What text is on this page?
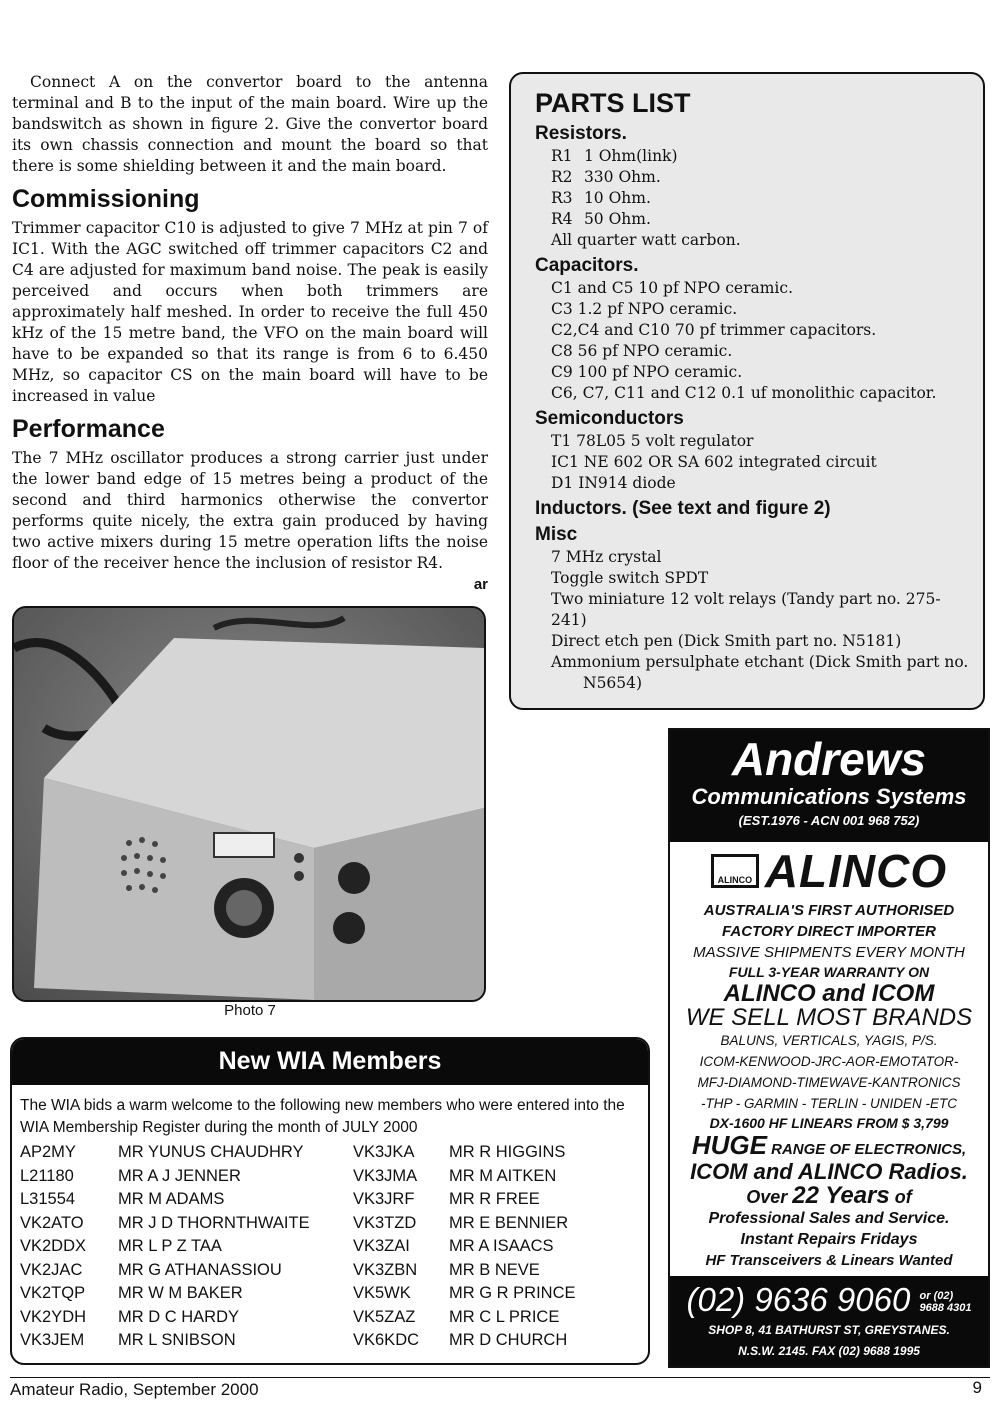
Connect A on the convertor board to the antenna terminal and B to the input of the main board. Wire up the bandswitch as shown in figure 2. Give the convertor board its own chassis connection and mount the board so that there is some shielding between it and the main board.

Commissioning

Trimmer capacitor C10 is adjusted to give 7 MHz at pin 7 of IC1. With the AGC switched off trimmer capacitors C2 and C4 are adjusted for maximum band noise. The peak is easily perceived and occurs when both trimmers are approximately half meshed. In order to receive the full 450 kHz of the 15 metre band, the VFO on the main board will have to be expanded so that its range is from 6 to 6.450 MHz, so capacitor CS on the main board will have to be increased in value

Performance

The 7 MHz oscillator produces a strong carrier just under the lower band edge of 15 metres being a product of the second and third harmonics otherwise the convertor performs quite nicely, the extra gain produced by having two active mixers during 15 metre operation lifts the noise floor of the receiver hence the inclusion of resistor R4.

ar
Photo 7
PARTS LIST
Resistors.
R1 1 Ohm(link)
R2 330 Ohm.
R3 10 Ohm.
R4 50 Ohm.
All quarter watt carbon.
Capacitors.
C1 and C5 10 pf NPO ceramic.
C3 1.2 pf NPO ceramic.
C2,C4 and C10 70 pf trimmer capacitors.
C8 56 pf NPO ceramic.
C9 100 pf NPO ceramic.
C6, C7, C11 and C12 0.1 uf monolithic capacitor.
Semiconductors
T1 78L05 5 volt regulator
IC1 NE 602 OR SA 602 integrated circuit
D1 IN914 diode
Inductors. (See text and figure 2)
Misc
7 MHz crystal
Toggle switch SPDT
Two miniature 12 volt relays (Tandy part no. 275-241)
Direct etch pen (Dick Smith part no. N5181)
Ammonium persulphate etchant (Dick Smith part no.
N5654)
Andrews
Communications Systems
(EST.1976 - ACN 001 968 752)
ALINCO ALINCO
AUSTRALIA'S FIRST AUTHORISED
FACTORY DIRECT IMPORTER
MASSIVE SHIPMENTS EVERY MONTH
FULL 3-YEAR WARRANTY ON
ALINCO and ICOM
WE SELL MOST BRANDS
BALUNS, VERTICALS, YAGIS, P/S.
ICOM-KENWOOD-JRC-AOR-EMOTATOR-
MFJ-DIAMOND-TIMEWAVE-KANTRONICS
-THP - GARMIN - TERLIN - UNIDEN -ETC
DX-1600 HF LINEARS FROM $ 3,799
HUGE RANGE OF ELECTRONICS,
ICOM and ALINCO Radios.
Over 22 Years of
Professional Sales and Service.
Instant Repairs Fridays
HF Transceivers & Linears Wanted
(02) 9636 9060 or (02)
9688 4301
SHOP 8, 41 BATHURST ST, GREYSTANES.
N.S.W. 2145. FAX (02) 9688 1995
New WIA Members
The WIA bids a warm welcome to the following new members who were entered into the WIA Membership Register during the month of JULY 2000
AP2MY	MR YUNUS CHAUDHRY	VK3JKA	MR R HIGGINS
L21180	MR A J JENNER	VK3JMA	MR M AITKEN
L31554	MR M ADAMS	VK3JRF	MR R FREE
VK2ATO	MR J D THORNTHWAITE	VK3TZD	MR E BENNIER
VK2DDX	MR L P Z TAA	VK3ZAI	MR A ISAACS
VK2JAC	MR G ATHANASSIOU	VK3ZBN	MR B NEVE
VK2TQP	MR W M BAKER	VK5WK	MR G R PRINCE
VK2YDH	MR D C HARDY	VK5ZAZ	MR C L PRICE
VK3JEM	MR L SNIBSON	VK6KDC	MR D CHURCH
Amateur Radio, September 2000	9
